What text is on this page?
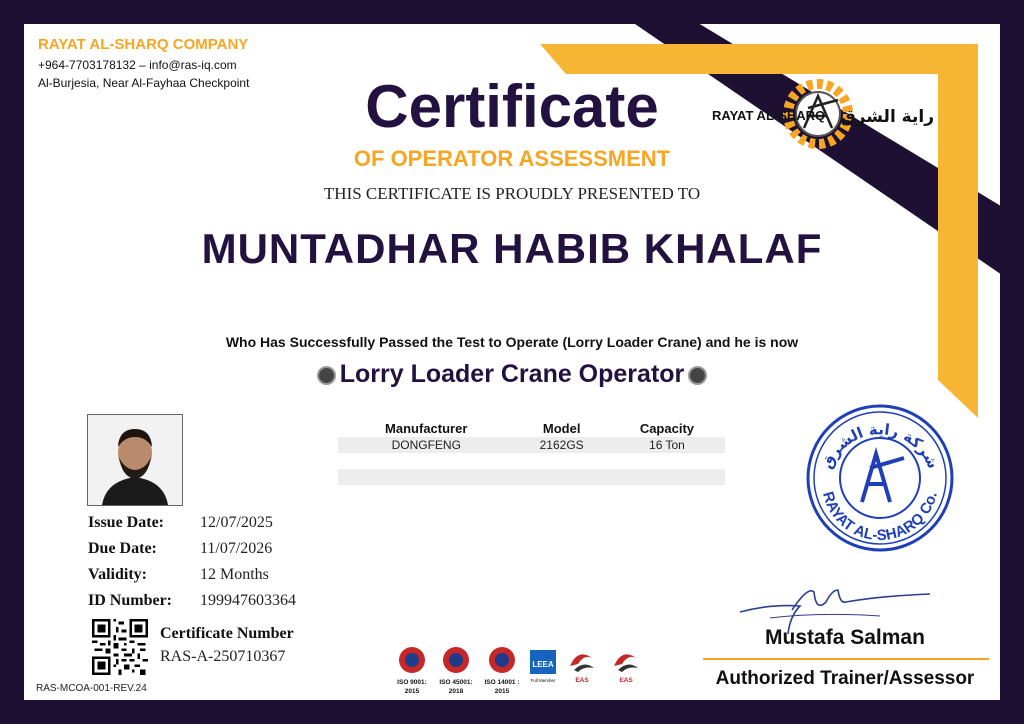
RAYAT AL-SHARQ COMPANY
+964-7703178132 – info@ras-iq.com
Al-Burjesia, Near Al-Fayhaa Checkpoint
RAYAT AL-SHARQ راية الشرق
Certificate
OF OPERATOR ASSESSMENT
THIS CERTIFICATE IS PROUDLY PRESENTED TO
MUNTADHAR HABIB KHALAF
Who Has Successfully Passed the Test to Operate (Lorry Loader Crane) and he is now
Lorry Loader Crane Operator
Manufacturer	Model	Capacity
DONGFENG	2162GS	16 Ton

Issue Date: 12/07/2025
Due Date:	11/07/2026
Validity:	12 Months
ID Number: 199947603364
Certificate Number
RAS-A-250710367
RAS-MCOA-001-REV.24
ISO 9001:
2015
ISO 45001:
2018
ISO 14001 :
2015
LEEA
Full Member	EAS	EAS
RAYAT AL-SHARQ Co.
شركة راية الشرق
Mustafa Salman
Authorized Trainer/Assessor
